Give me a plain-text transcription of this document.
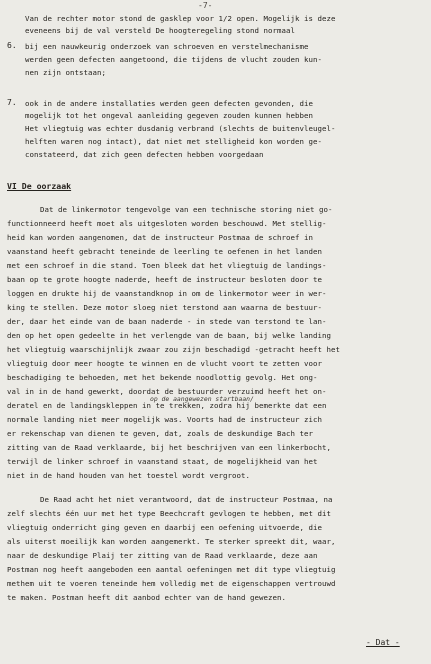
-7-
Van de rechter motor stond de gasklep voor 1/2 open. Mogelijk is deze
eveneens bij de val versteld De hoogteregeling stond normaal
6. bij een nauwkeurig onderzoek van schroeven en verstelmechanisme
werden geen defecten aangetoond, die tijdens de vlucht zouden kun-
nen zijn ontstaan;
7. ook in de andere installaties werden geen defecten gevonden, die
mogelijk tot het ongeval aanleiding gegeven zouden kunnen hebben
Het vliegtuig was echter dusdanig verbrand (slechts de buitenvleugel-
helften waren nog intact), dat niet met stelligheid kon worden ge-
constateerd, dat zich geen defecten hebben voorgedaan
VI De oorzaak
Dat de linkermotor tengevolge van een technische storing niet go-
functionneerd heeft moet als uitgesloten worden beschouwd. Met stellig-
heid kan worden aangenomen, dat de instructeur Postmaa de schroef in
vaanstand heeft gebracht teneinde de leerling te oefenen in het landen
met een schroef in die stand. Toen bleek dat het vliegtuig de landings-
baan op te grote hoogte naderde, heeft de instructeur besloten door te
loggen en drukte hij de vaanstandknop in om de linkermotor weer in wer-
king te stellen. Deze motor sloeg niet terstond aan waarna de bestuur-
der, daar het einde van de baan naderde - in stede van terstond te lan-
den op het open gedeelte in het verlengde van de baan, bij welke landing
het vliegtuig waarschijnlijk zwaar zou zijn beschadigd -getracht heeft het
vliegtuig door meer hoogte te winnen en de vlucht voort te zetten voor
beschadiging te behoeden, met het bekende noodlottig gevolg. Het ong-
val in in de hand gewerkt, doordat de bestuurder verzuimd heeft het on-
deratel en de landingskleppen in te trekken, zodra hij bemerkte dat een
normale landing niet meer mogelijk was. Voorts had de instructeur zich
er rekenschap van dienen te geven, dat, zoals de deskundige Bach ter
zitting van de Raad verklaarde, bij het beschrijven van een linkerbocht,
terwijl de linker schroef in vaanstand staat, de mogelijkheid van het
niet in de hand houden van het toestel wordt vergroot.
op de aangewezen startbaan/
De Raad acht het niet verantwoord, dat de instructeur Postmaa, na
zelf slechts één uur met het type Beechcraft gevlogen te hebben, met dit
vliegtuig onderricht ging geven en daarbij een oefening uitvoerde, die
als uiterst moeilijk kan worden aangemerkt. Te sterker spreekt dit, waar,
naar de deskundige Plaij ter zitting van de Raad verklaarde, deze aan
Postman nog heeft aangeboden een aantal oefeningen met dit type vliegtuig
methem uit te voeren teneinde hem volledig met de eigenschappen vertrouwd
te maken. Postman heeft dit aanbod echter van de hand gewezen.
- Dat -
